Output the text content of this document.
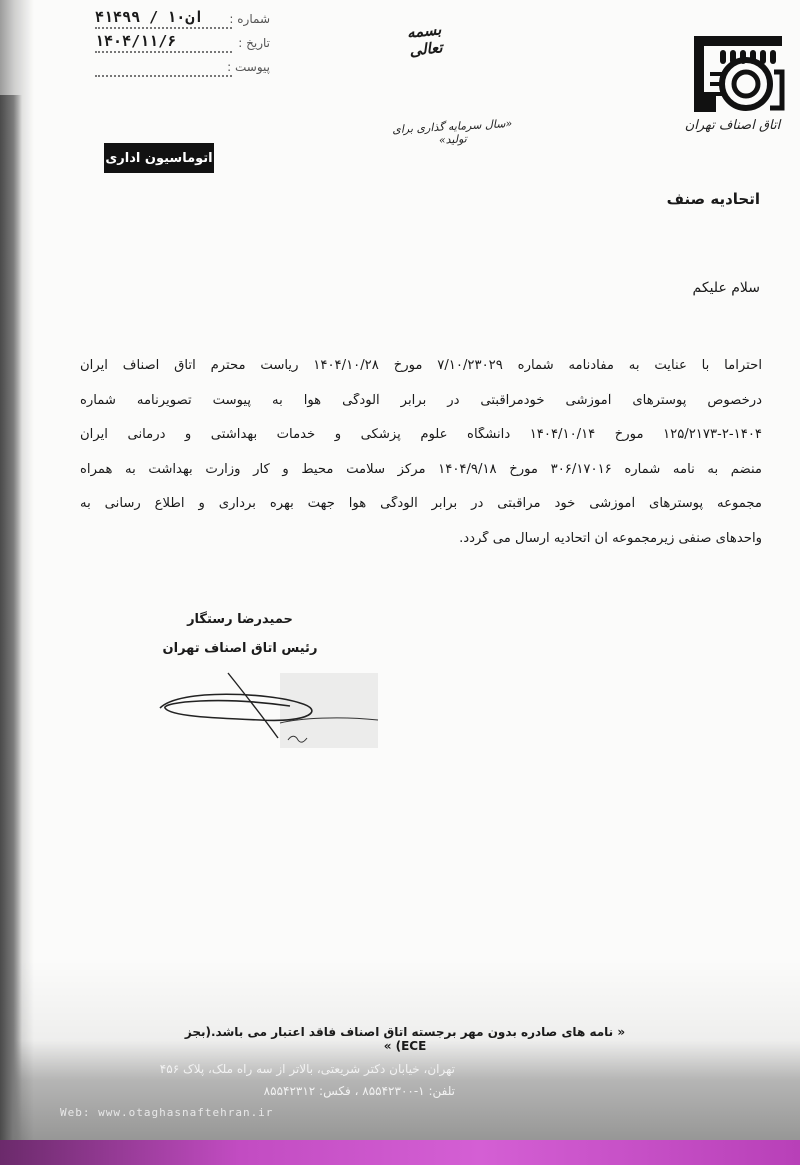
شماره :
۴۱۴۹۹ / ۱۰ان
تاریخ :
۱۴۰۴/۱۱/۶
پیوست :
بسمه تعالی
«سال سرمایه گذاری برای تولید»
اتاق اصناف تهران
اتوماسیون اداری
اتحادیه صنف
سلام علیکم
احتراما با عنایت به مفادنامه شماره ۷/۱۰/۲۳۰۲۹ مورخ ۱۴۰۴/۱۰/۲۸ ریاست محترم اتاق اصناف ایران
درخصوص پوسترهای آموزشی خودمراقبتی در برابر آلودگی هوا به پیوست تصویرنامه شماره
۱۲۵/۲۱۷۳-۲-۱۴۰۴ مورخ ۱۴۰۴/۱۰/۱۴ دانشگاه علوم پزشکی و خدمات بهداشتی و درمانی ایران
منضم به نامه شماره ۳۰۶/۱۷۰۱۶ مورخ ۱۴۰۴/۹/۱۸ مرکز سلامت محیط و کار وزارت بهداشت به همراه
مجموعه پوسترهای آموزشی خود مراقبتی در برابر آلودگی هوا جهت بهره برداری و اطلاع رسانی به
واحدهای صنفی زیرمجموعه آن اتحادیه ارسال می گردد.
حمیدرضا رستگار
رئیس اتاق اصناف تهران
« نامه های صادره بدون مهر برجسته اتاق اصناف فاقد اعتبار می باشد.(بجز ECE) »
تهران، خیابان دکتر شریعتی، بالاتر از سه راه ملک، پلاک ۴۵۶
تلفن: ۱-۸۵۵۴۲۳۰۰ ، فکس: ۸۵۵۴۲۳۱۲
Web: www.otaghasnaftehran.ir
